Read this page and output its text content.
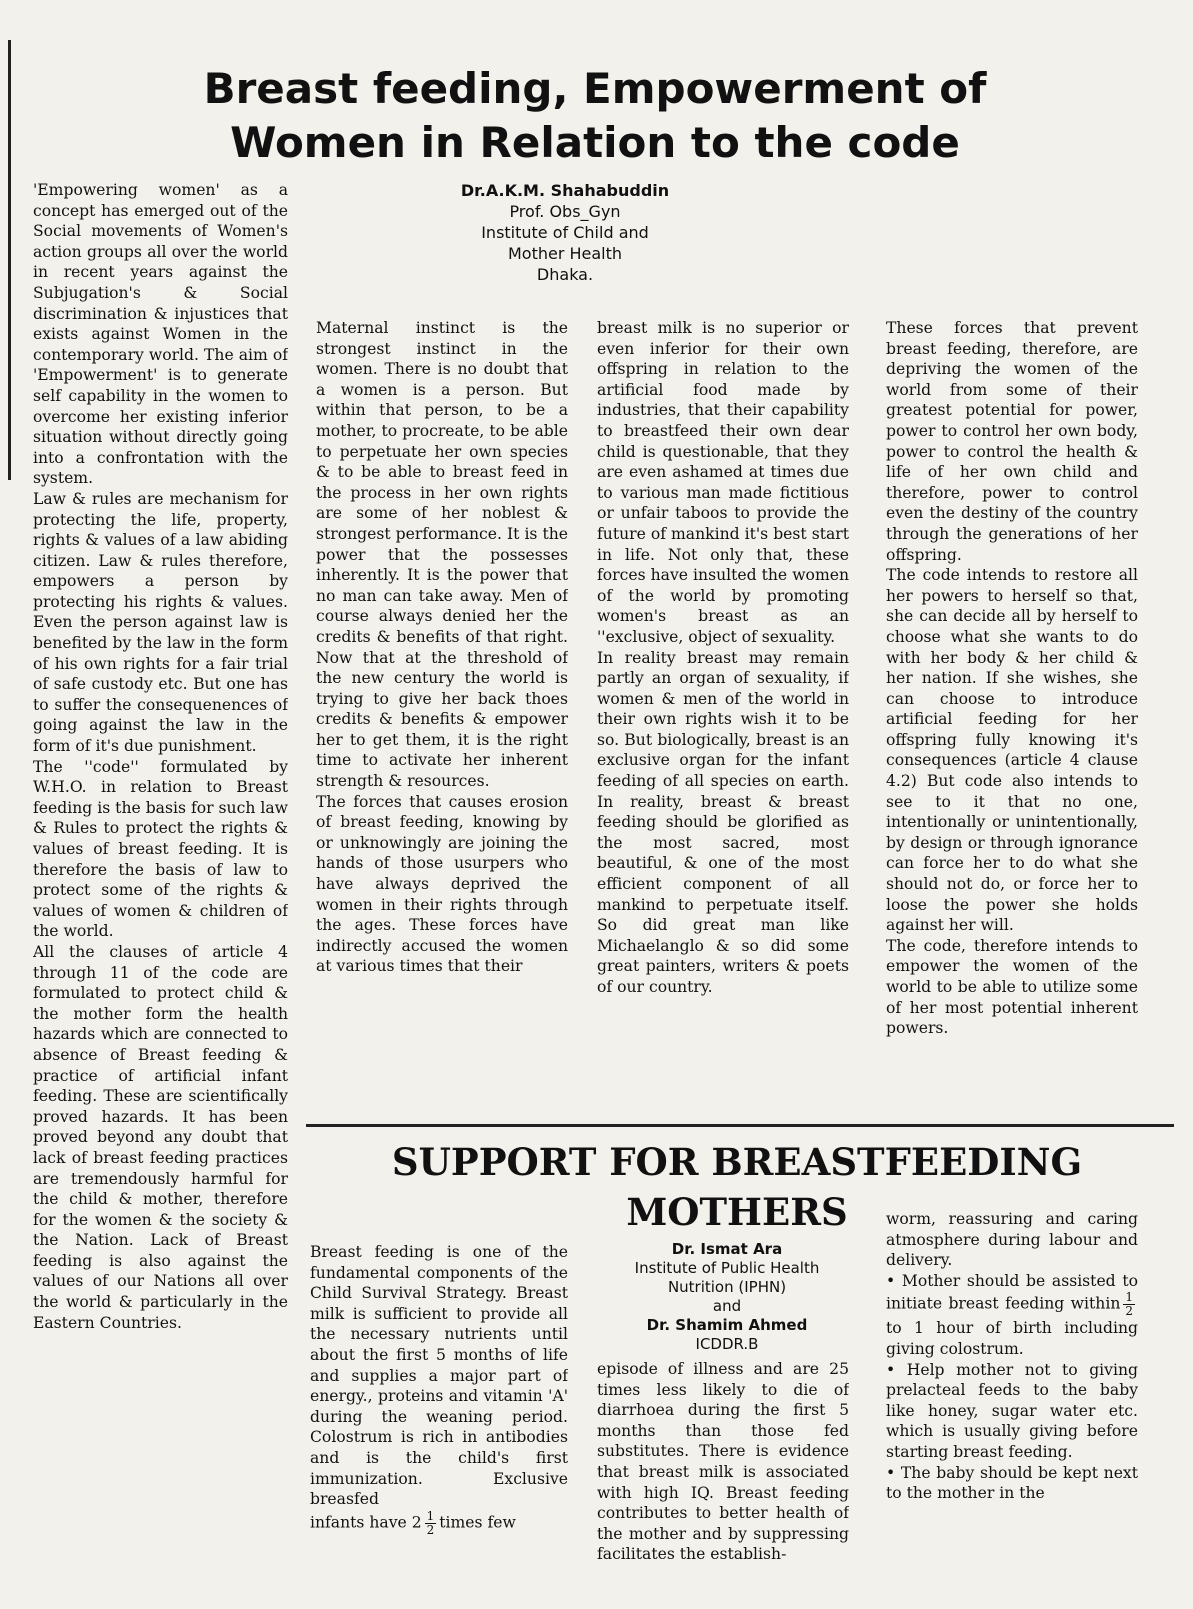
Breast feeding, Empowerment of
Women in Relation to the code
Dr.A.K.M. Shahabuddin
Prof. Obs_Gyn
Institute of Child and
Mother Health
Dhaka.

'Empowering women' as a concept has emerged out of the Social movements of Women's action groups all over the world in recent years against the Subjugation's & Social discrimination & injustices that exists against Women in the contemporary world. The aim of 'Empowerment' is to generate self capability in the women to overcome her existing inferior situation without directly going into a confrontation with the system.

Law & rules are mechanism for protecting the life, property, rights & values of a law abiding citizen. Law & rules therefore, empowers a person by protecting his rights & values. Even the person against law is benefited by the law in the form of his own rights for a fair trial of safe custody etc. But one has to suffer the consequenences of going against the law in the form of it's due punishment.

The ''code'' formulated by W.H.O. in relation to Breast feeding is the basis for such law & Rules to protect the rights & values of breast feeding. It is therefore the basis of law to protect some of the rights & values of women & children of the world.

All the clauses of article 4 through 11 of the code are formulated to protect child & the mother form the health hazards which are connected to absence of Breast feeding & practice of artificial infant feeding. These are scientifically proved hazards. It has been proved beyond any doubt that lack of breast feeding practices are tremendously harmful for the child & mother, therefore for the women & the society & the Nation. Lack of Breast feeding is also against the values of our Nations all over the world & particularly in the Eastern Countries.

Maternal instinct is the strongest instinct in the women. There is no doubt that a women is a person. But within that person, to be a mother, to procreate, to be able to perpetuate her own species & to be able to breast feed in the process in her own rights are some of her noblest & strongest performance. It is the power that the possesses inherently. It is the power that no man can take away. Men of course always denied her the credits & benefits of that right. Now that at the threshold of the new century the world is trying to give her back thoes credits & benefits & empower her to get them, it is the right time to activate her inherent strength & resources.

The forces that causes erosion of breast feeding, knowing by or unknowingly are joining the hands of those usurpers who have always deprived the women in their rights through the ages. These forces have indirectly accused the women at various times that their

breast milk is no superior or even inferior for their own offspring in relation to the artificial food made by industries, that their capability to breastfeed their own dear child is questionable, that they are even ashamed at times due to various man made fictitious or unfair taboos to provide the future of mankind it's best start in life. Not only that, these forces have insulted the women of the world by promoting women's breast as an ''exclusive, object of sexuality.

In reality breast may remain partly an organ of sexuality, if women & men of the world in their own rights wish it to be so. But biologically, breast is an exclusive organ for the infant feeding of all species on earth. In reality, breast & breast feeding should be glorified as the most sacred, most beautiful, & one of the most efficient component of all mankind to perpetuate itself. So did great man like Michaelanglo & so did some great painters, writers & poets of our country.

These forces that prevent breast feeding, therefore, are depriving the women of the world from some of their greatest potential for power, power to control her own body, power to control the health & life of her own child and therefore, power to control even the destiny of the country through the generations of her offspring.

The code intends to restore all her powers to herself so that, she can decide all by herself to choose what she wants to do with her body & her child & her nation. If she wishes, she can choose to introduce artificial feeding for her offspring fully knowing it's consequences (article 4 clause 4.2) But code also intends to see to it that no one, intentionally or unintentionally, by design or through ignorance can force her to do what she should not do, or force her to loose the power she holds against her will.

The code, therefore intends to empower the women of the world to be able to utilize some of her most potential inherent powers.

SUPPORT FOR BREASTFEEDING
MOTHERS
Dr. Ismat Ara
Institute of Public Health
Nutrition (IPHN)
and
Dr. Shamim Ahmed
ICDDR.B

Breast feeding is one of the fundamental components of the Child Survival Strategy. Breast milk is sufficient to provide all the necessary nutrients until about the first 5 months of life and supplies a major part of energy., proteins and vitamin 'A' during the weaning period. Colostrum is rich in antibodies and is the child's first immunization. Exclusive breasfed

infants have $2 \frac{1}{2}$ times few

episode of illness and are 25 times less likely to die of diarrhoea during the first 5 months than those fed substitutes. There is evidence that breast milk is associated with high IQ. Breast feeding contributes to better health of the mother and by suppressing facilitates the establish-

worm, reassuring and caring atmosphere during labour and delivery.

• Mother should be assisted to initiate breast feeding within $\frac{1}{2}$
to 1 hour of birth including giving colostrum.

• Help mother not to giving prelacteal feeds to the baby like honey, sugar water etc. which is usually giving before starting breast feeding.

• The baby should be kept next to the mother in the
